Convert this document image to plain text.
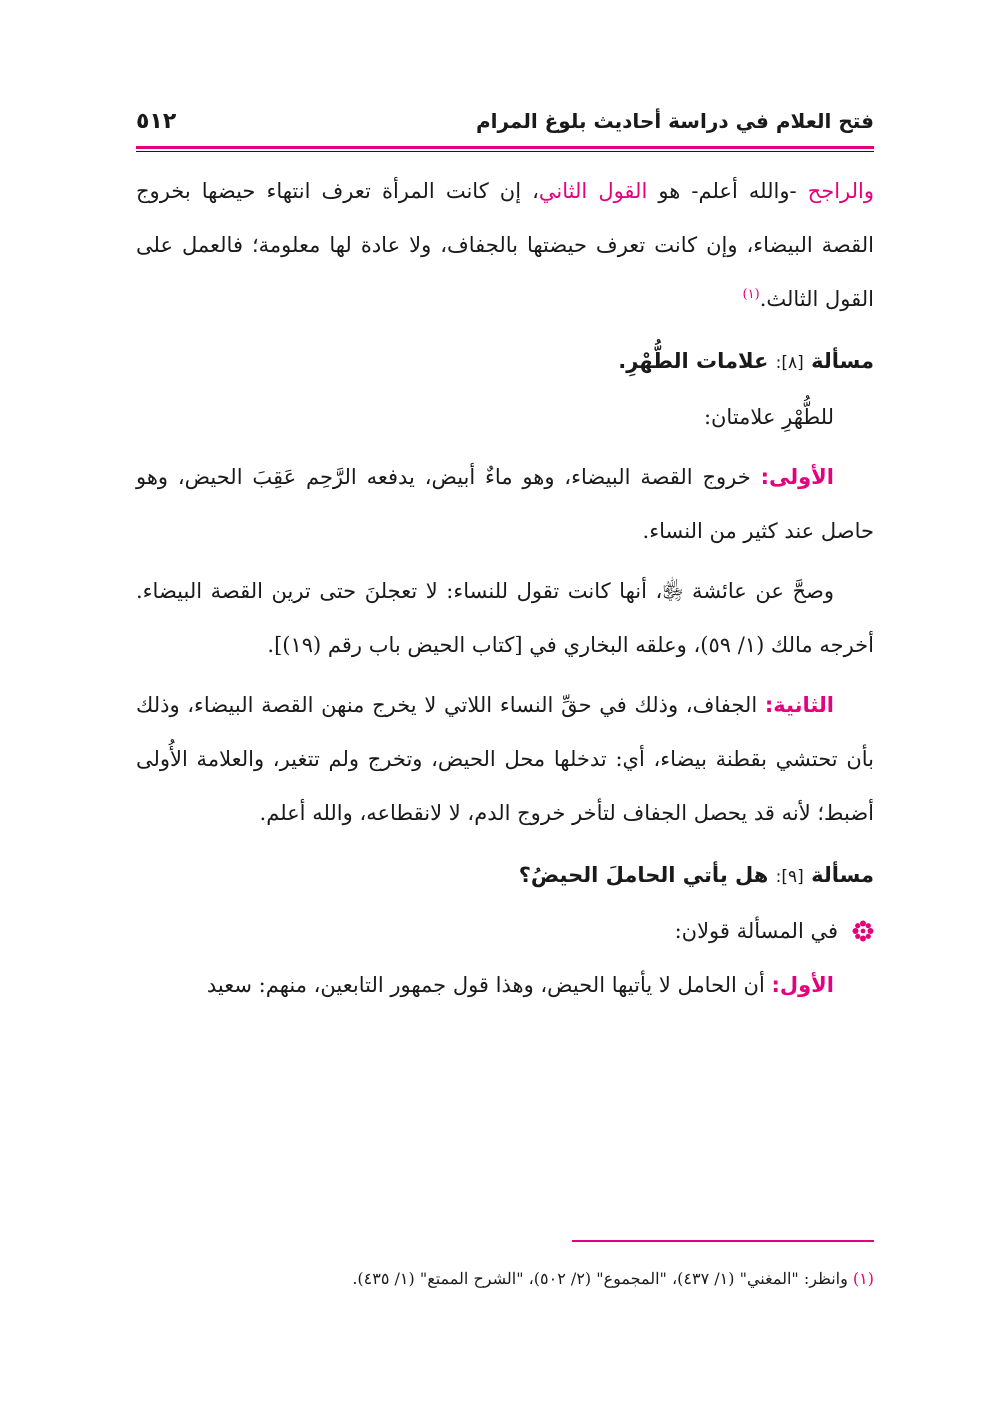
فتح العلام في دراسة أحاديث بلوغ المرام
٥١٢
والراجح -والله أعلم- هو القول الثاني، إن كانت المرأة تعرف انتهاء حيضها بخروج القصة البيضاء، وإن كانت تعرف حيضتها بالجفاف، ولا عادة لها معلومة؛ فالعمل على القول الثالث.$^{(١)}$
مسألة [٨]: علامات الطُّهْرِ.
للطُّهْرِ علامتان:
الأولى: خروج القصة البيضاء، وهو ماءٌ أبيض، يدفعه الرَّحِم عَقِبَ الحيض، وهو حاصل عند كثير من النساء.
وصحَّ عن عائشة ﵂، أنها كانت تقول للنساء: لا تعجلنَ حتى ترين القصة البيضاء. أخرجه مالك (١/ ٥٩)، وعلقه البخاري في [كتاب الحيض باب رقم (١٩)].
الثانية: الجفاف، وذلك في حقِّ النساء اللاتي لا يخرج منهن القصة البيضاء، وذلك بأن تحتشي بقطنة بيضاء، أي: تدخلها محل الحيض، وتخرج ولم تتغير، والعلامة الأُولى أضبط؛ لأنه قد يحصل الجفاف لتأخر خروج الدم، لا لانقطاعه، والله أعلم.
مسألة [٩]: هل يأتي الحاملَ الحيضُ؟
في المسألة قولان:
الأول: أن الحامل لا يأتيها الحيض، وهذا قول جمهور التابعين، منهم: سعيد
(١) وانظر: "المغني" (١/ ٤٣٧)، "المجموع" (٢/ ٥٠٢)، "الشرح الممتع" (١/ ٤٣٥).
